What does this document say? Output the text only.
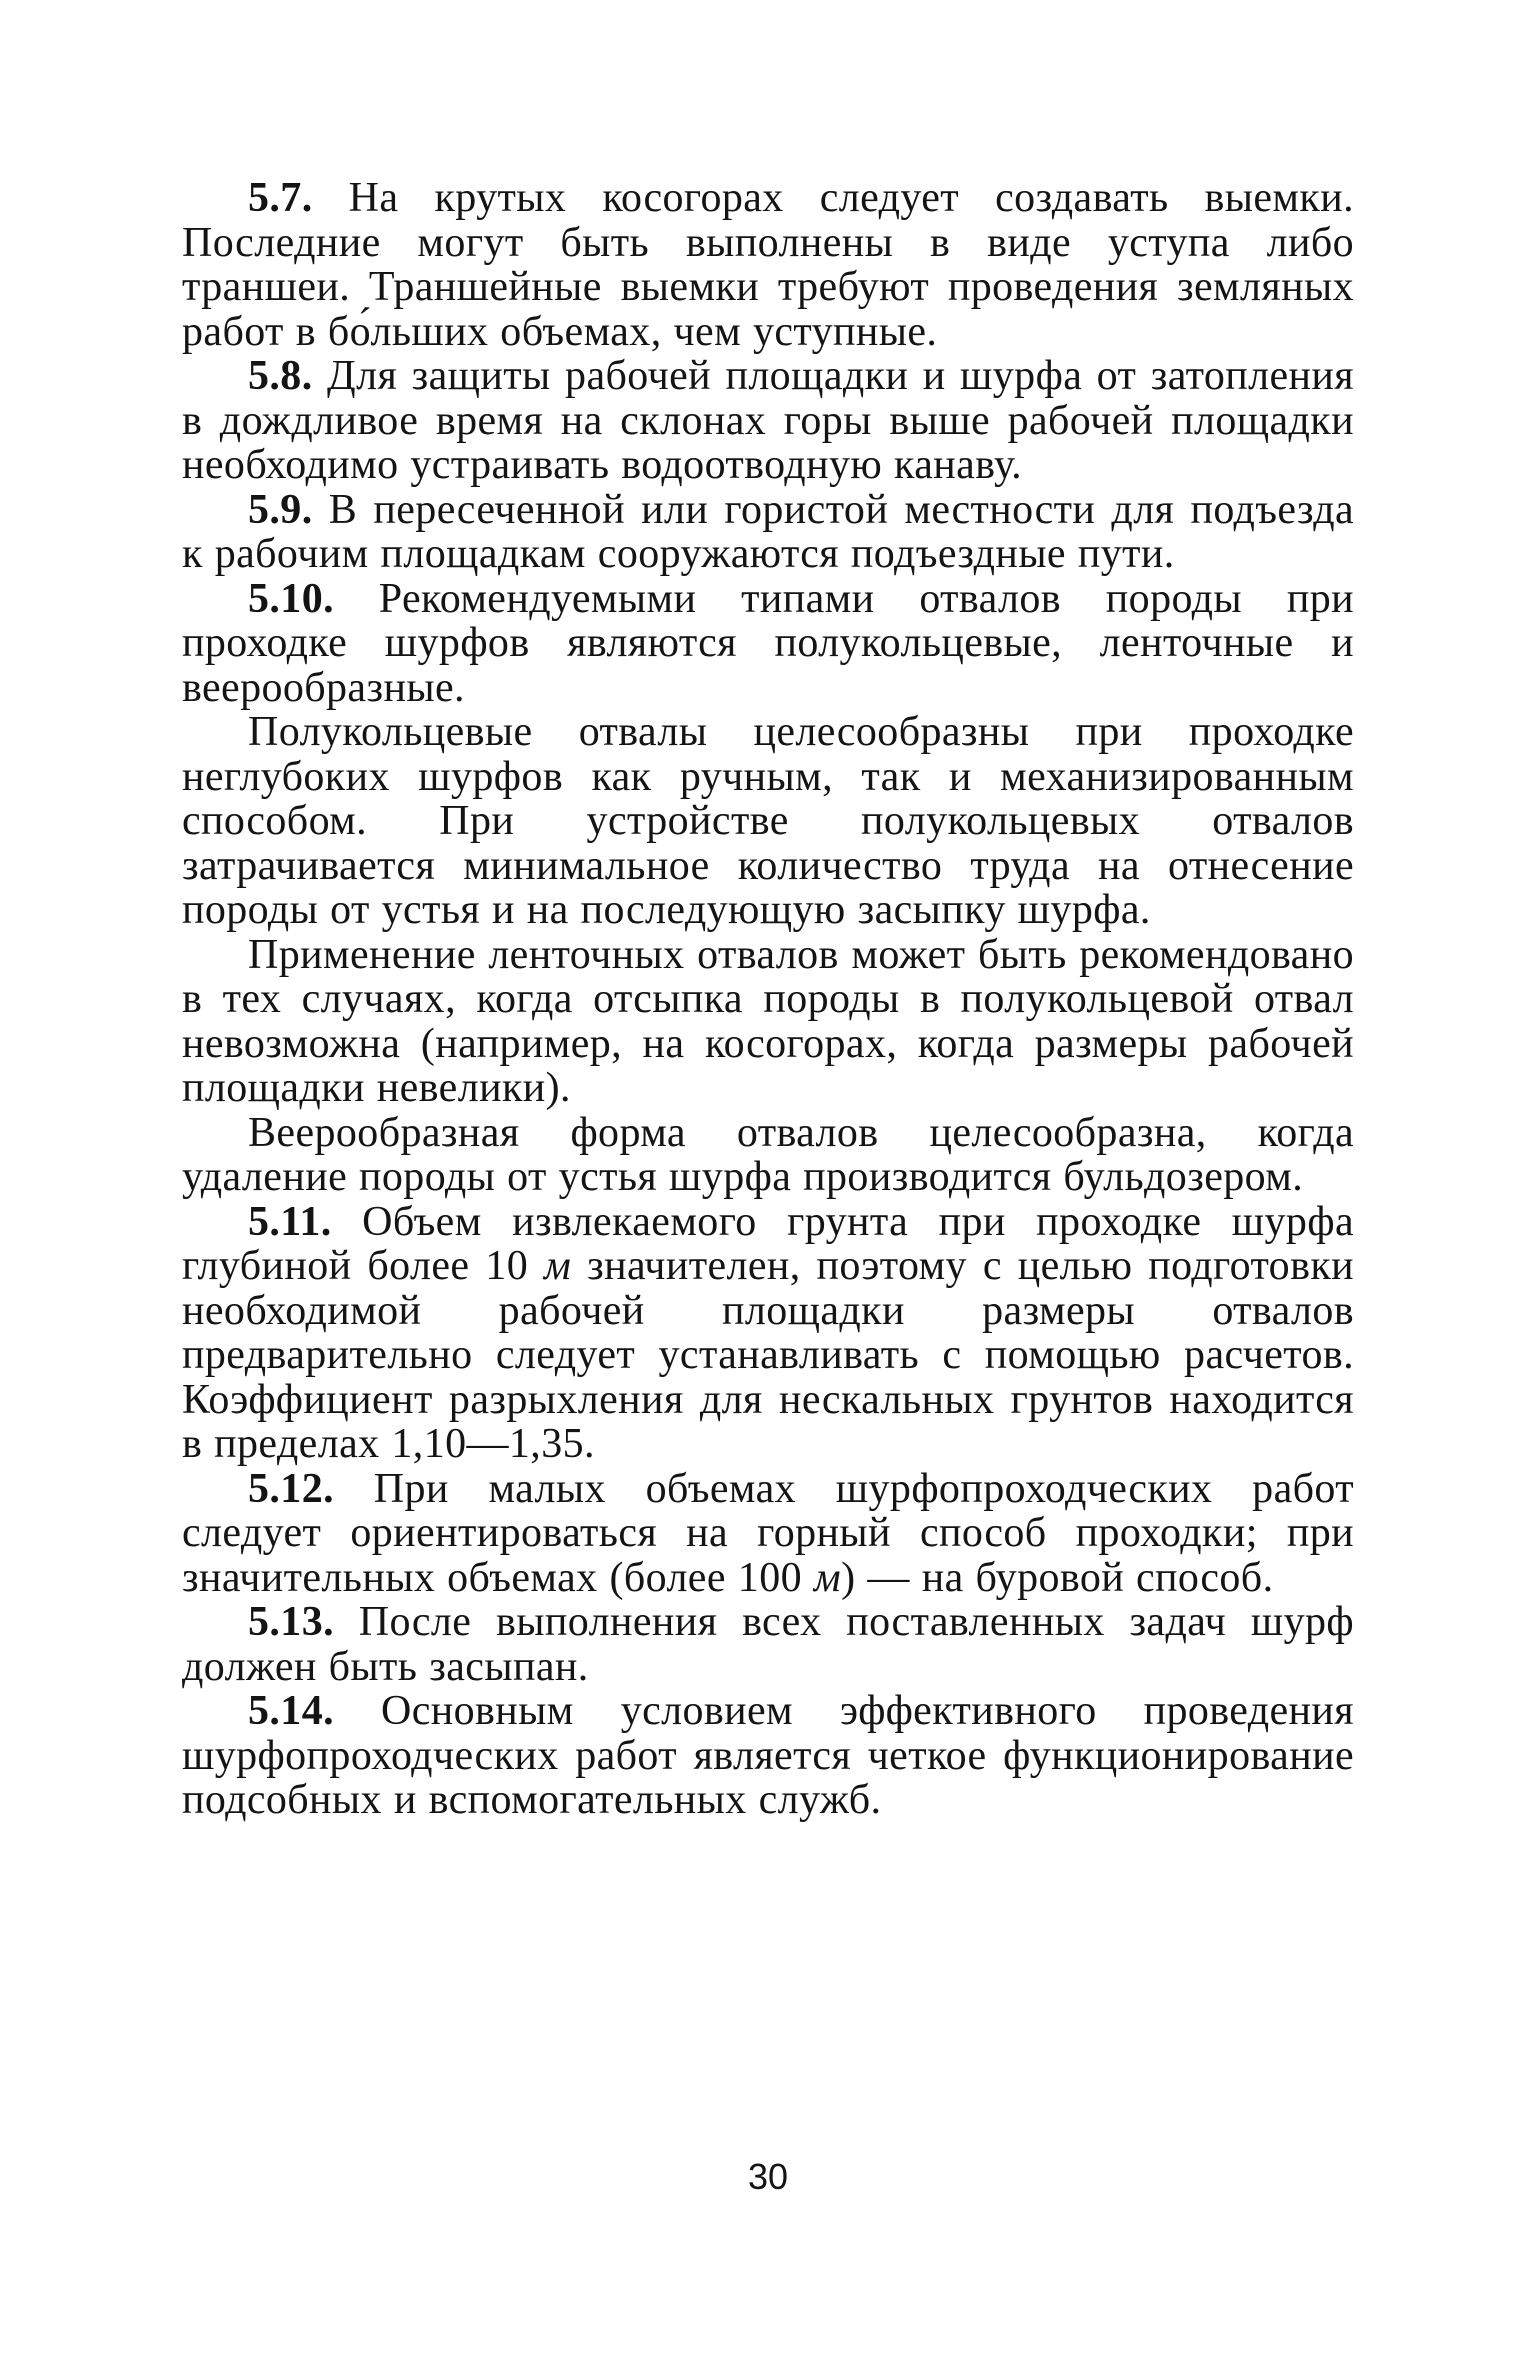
5.7. На крутых косогорах следует создавать выемки. Последние могут быть выполнены в виде уступа либо траншеи. Траншейные выемки требуют проведения земляных работ в бо́льших объемах, чем уступные.

5.8. Для защиты рабочей площадки и шурфа от затопления в дождливое время на склонах горы выше рабочей площадки необходимо устраивать водоотводную канаву.

5.9. В пересеченной или гористой местности для подъезда к рабочим площадкам сооружаются подъездные пути.

5.10. Рекомендуемыми типами отвалов породы при проходке шурфов являются полукольцевые, ленточные и веерообразные.

Полукольцевые отвалы целесообразны при проходке неглубоких шурфов как ручным, так и механизированным способом. При устройстве полукольцевых отвалов затрачивается минимальное количество труда на отнесение породы от устья и на последующую засыпку шурфа.

Применение ленточных отвалов может быть рекомендовано в тех случаях, когда отсыпка породы в полукольцевой отвал невозможна (например, на косогорах, когда размеры рабочей площадки невелики).

Веерообразная форма отвалов целесообразна, когда удаление породы от устья шурфа производится бульдозером.

5.11. Объем извлекаемого грунта при проходке шурфа глубиной более 10 м значителен, поэтому с целью подготовки необходимой рабочей площадки размеры отвалов предварительно следует устанавливать с помощью расчетов. Коэффициент разрыхления для нескальных грунтов находится в пределах 1,10—1,35.

5.12. При малых объемах шурфопроходческих работ следует ориентироваться на горный способ проходки; при значительных объемах (более 100 м) — на буровой способ.

5.13. После выполнения всех поставленных задач шурф должен быть засыпан.

5.14. Основным условием эффективного проведения шурфопроходческих работ является четкое функционирование подсобных и вспомогательных служб.

30
